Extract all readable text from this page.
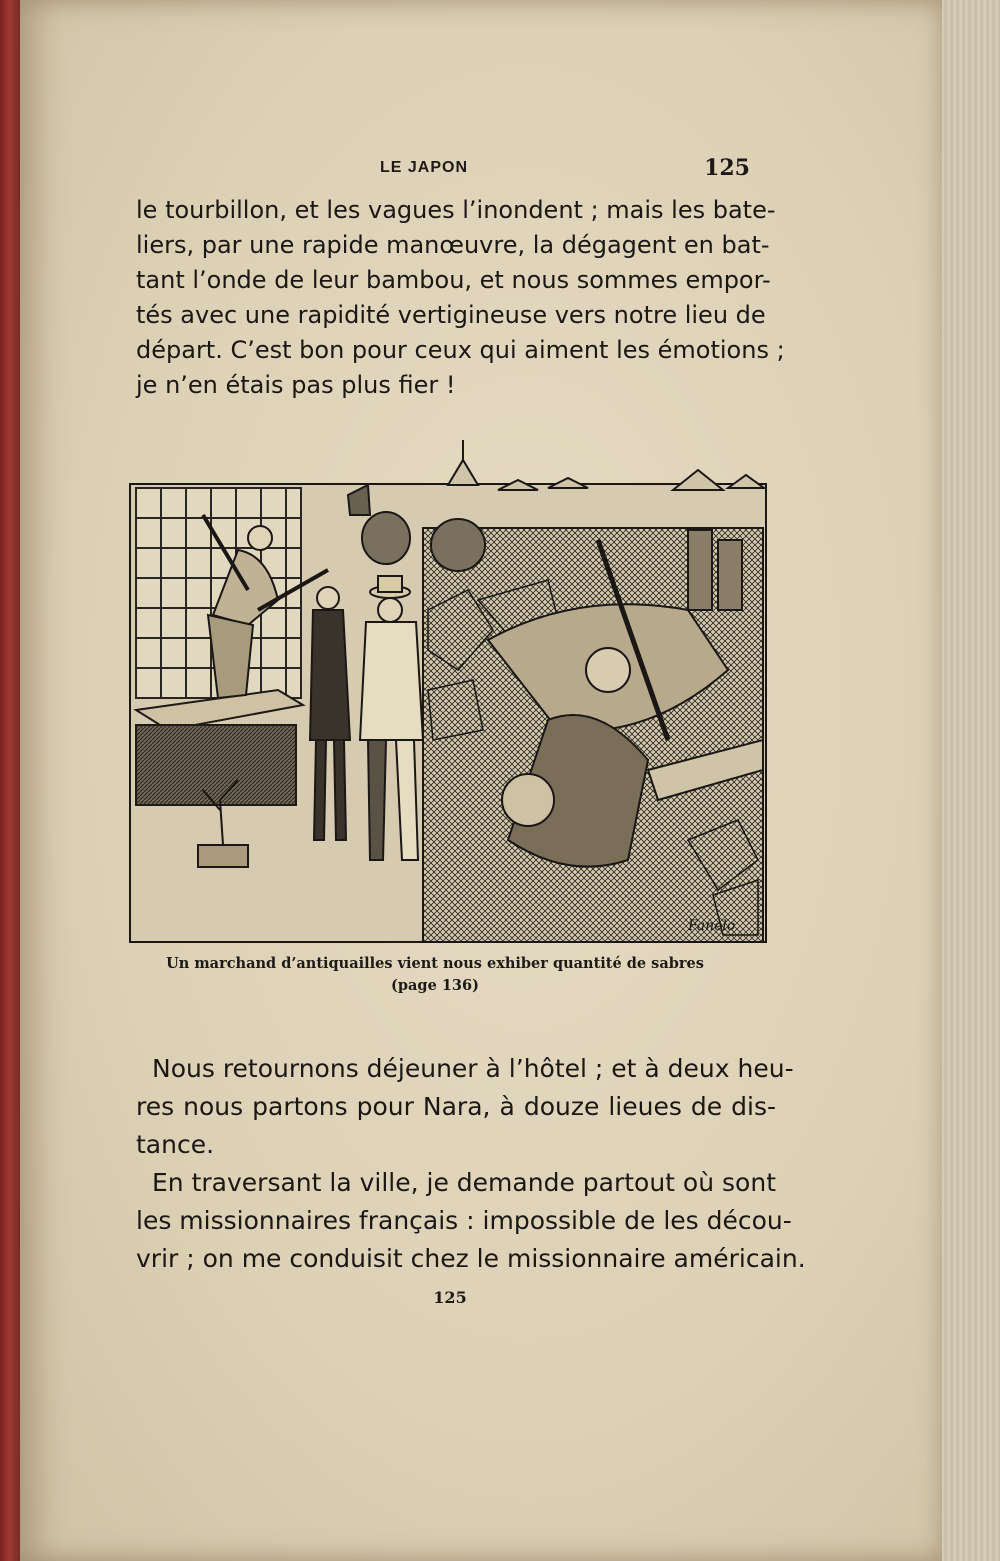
LE JAPON	125
le tourbillon, et les vagues l’inondent ; mais les bate-
liers, par une rapide manœuvre, la dégagent en bat-
tant l’onde de leur bambou, et nous sommes empor-
tés avec une rapidité vertigineuse vers notre lieu de
départ. C’est bon pour ceux qui aiment les émotions ;
je n’en étais pas plus fier !
Fanelo
Un marchand d’antiquailles vient nous exhiber quantité de sabres
(page 136)
Nous retournons déjeuner à l’hôtel ; et à deux heu-
res nous partons pour Nara, à douze lieues de dis-
tance.
En traversant la ville, je demande partout où sont
les missionnaires français : impossible de les décou-
vrir ; on me conduisit chez le missionnaire américain.
125
